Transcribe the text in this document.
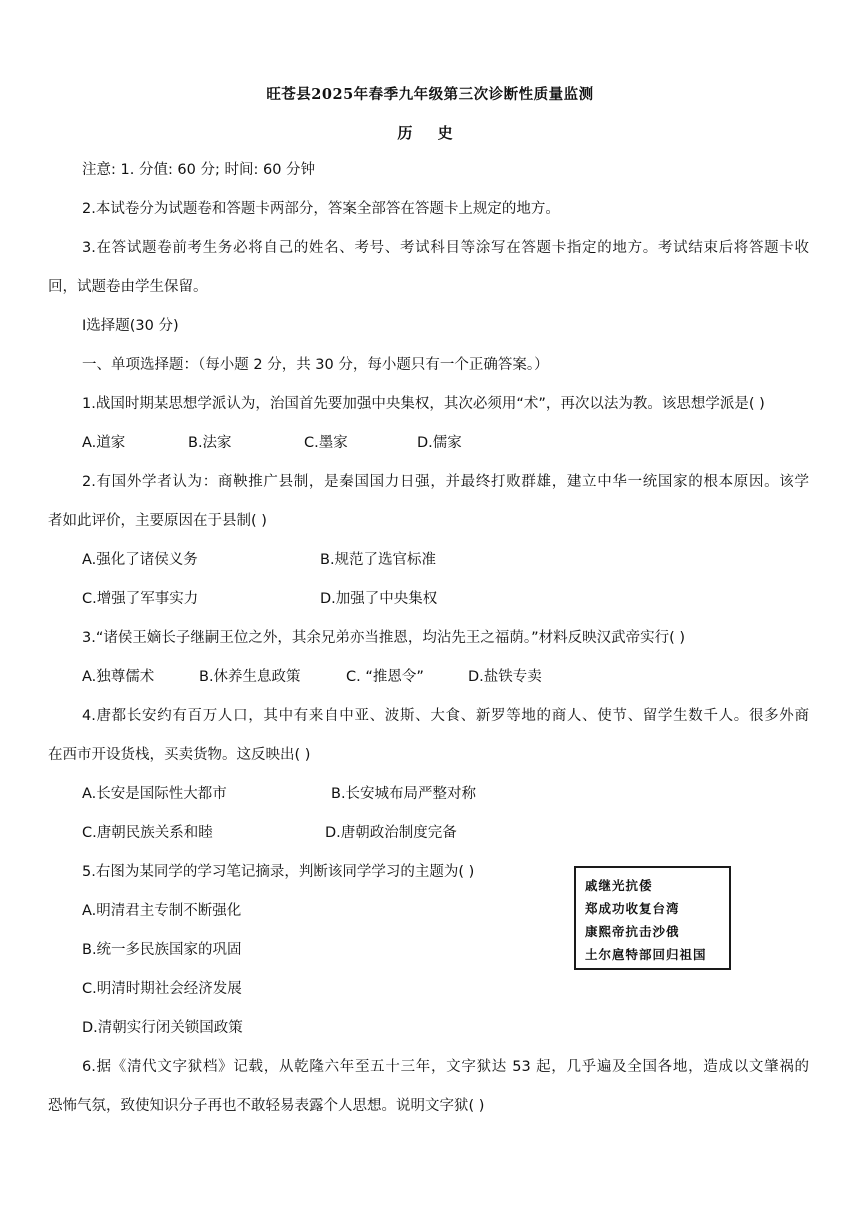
旺苍县2025年春季九年级第三次诊断性质量监测
历 史
注意: 1. 分值: 60 分; 时间: 60 分钟
2.本试卷分为试题卷和答题卡两部分，答案全部答在答题卡上规定的地方。
3.在答试题卷前考生务必将自己的姓名、考号、考试科目等涂写在答题卡指定的地方。考试结束后将答题卡收
回，试题卷由学生保留。
Ⅰ选择题(30 分)
一、单项选择题：（每小题 2 分，共 30 分，每小题只有一个正确答案。）
1.战国时期某思想学派认为，治国首先要加强中央集权，其次必须用“术”，再次以法为教。该思想学派是( )
A.道家	B.法家	C.墨家	D.儒家
2.有国外学者认为：商鞅推广县制，是秦国国力日强，并最终打败群雄，建立中华一统国家的根本原因。该学
者如此评价，主要原因在于县制( )
A.强化了诸侯义务	B.规范了选官标准
C.增强了军事实力	D.加强了中央集权
3.“诸侯王嫡长子继嗣王位之外，其余兄弟亦当推恩，均沾先王之福荫。”材料反映汉武帝实行( )
A.独尊儒术	B.休养生息政策	C. “推恩令”	D.盐铁专卖
4.唐都长安约有百万人口，其中有来自中亚、波斯、大食、新罗等地的商人、使节、留学生数千人。很多外商
在西市开设货栈，买卖货物。这反映出( )
A.长安是国际性大都市	B.长安城布局严整对称
C.唐朝民族关系和睦	D.唐朝政治制度完备
5.右图为某同学的学习笔记摘录，判断该同学学习的主题为( )
A.明清君主专制不断强化
B.统一多民族国家的巩固
C.明清时期社会经济发展
D.清朝实行闭关锁国政策
戚继光抗倭
郑成功收复台湾
康熙帝抗击沙俄
土尔扈特部回归祖国
6.据《清代文字狱档》记载，从乾隆六年至五十三年，文字狱达 53 起，几乎遍及全国各地，造成以文肇祸的
恐怖气氛，致使知识分子再也不敢轻易表露个人思想。说明文字狱( )
